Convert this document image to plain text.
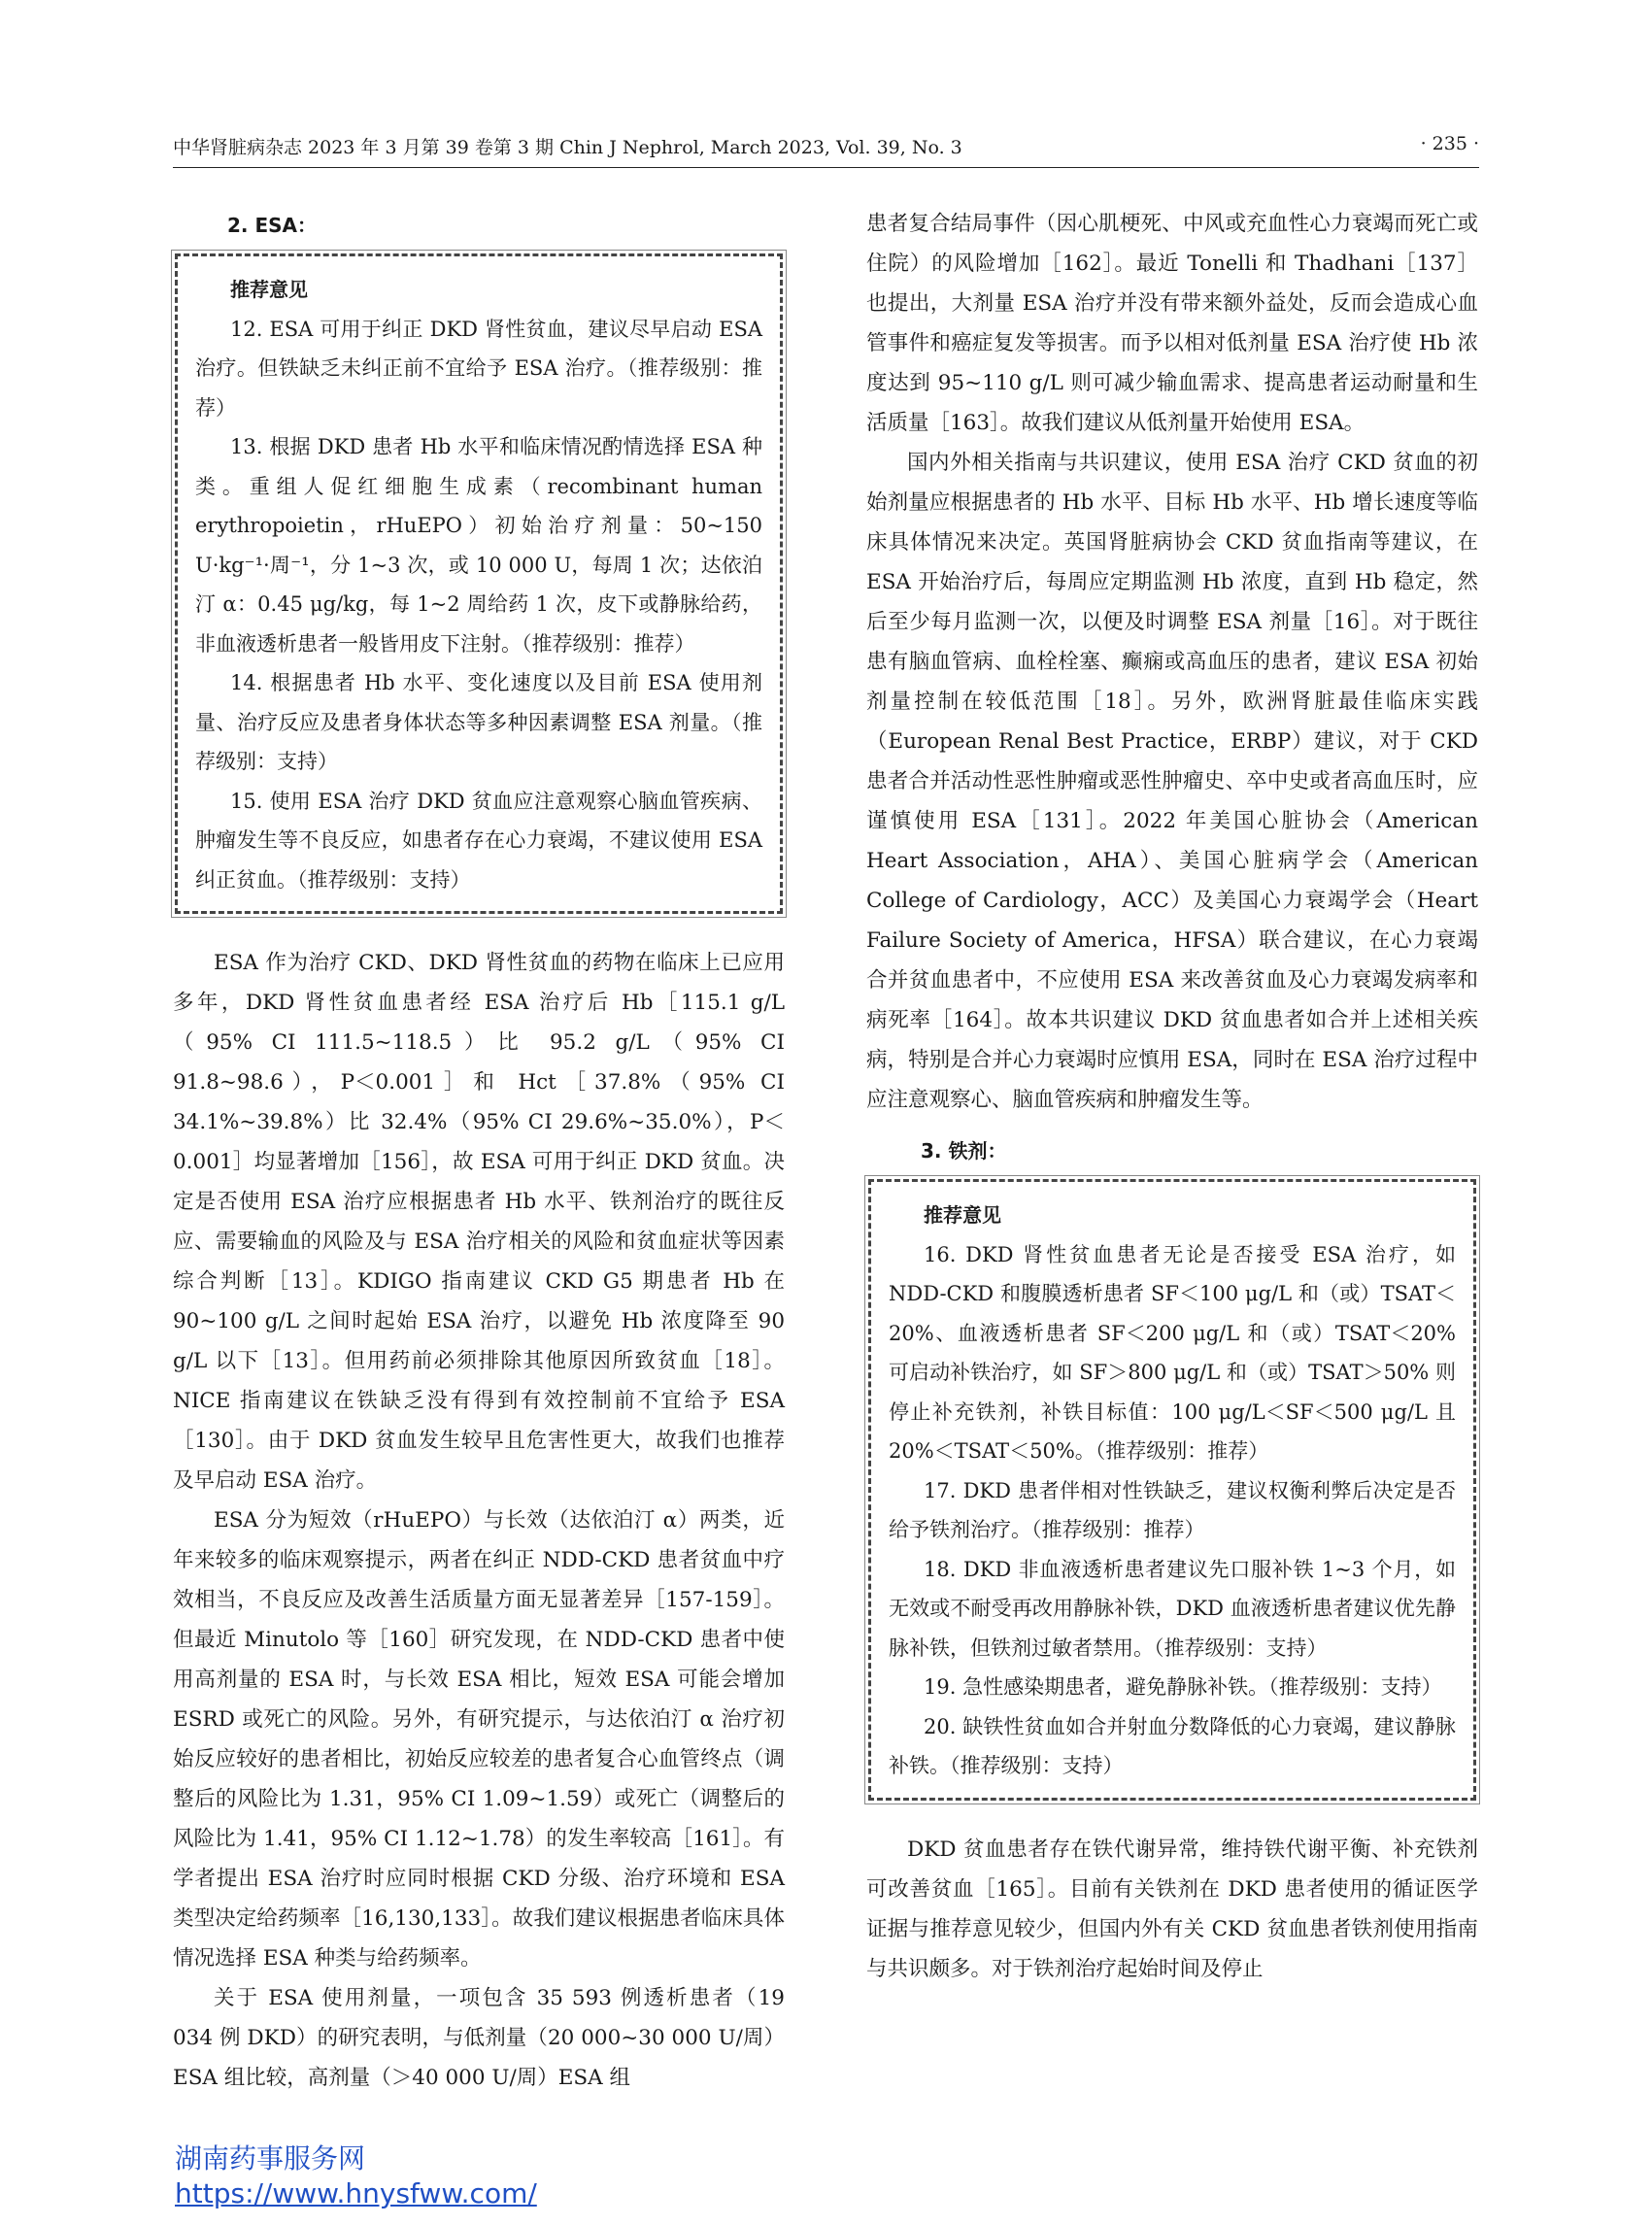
中华肾脏病杂志 2023 年 3 月第 39 卷第 3 期 Chin J Nephrol, March 2023, Vol. 39, No. 3	· 235 ·
2. ESA：
推荐意见
12. ESA 可用于纠正 DKD 肾性贫血，建议尽早启动 ESA 治疗。但铁缺乏未纠正前不宜给予 ESA 治疗。（推荐级别：推荐）
13. 根据 DKD 患者 Hb 水平和临床情况酌情选择 ESA 种类。重组人促红细胞生成素（recombinant human erythropoietin，rHuEPO）初始治疗剂量：50~150 U·kg⁻¹·周⁻¹，分 1~3 次，或 10 000 U，每周 1 次；达依泊汀 α：0.45 μg/kg，每 1~2 周给药 1 次，皮下或静脉给药，非血液透析患者一般皆用皮下注射。（推荐级别：推荐）
14. 根据患者 Hb 水平、变化速度以及目前 ESA 使用剂量、治疗反应及患者身体状态等多种因素调整 ESA 剂量。（推荐级别：支持）
15. 使用 ESA 治疗 DKD 贫血应注意观察心脑血管疾病、肿瘤发生等不良反应，如患者存在心力衰竭，不建议使用 ESA 纠正贫血。（推荐级别：支持）

ESA 作为治疗 CKD、DKD 肾性贫血的药物在临床上已应用多年，DKD 肾性贫血患者经 ESA 治疗后 Hb［115.1 g/L（95% CI 111.5~118.5）比 95.2 g/L（95% CI 91.8~98.6），P＜0.001］和 Hct［37.8%（95% CI 34.1%~39.8%）比 32.4%（95% CI 29.6%~35.0%），P＜0.001］均显著增加［156］，故 ESA 可用于纠正 DKD 贫血。决定是否使用 ESA 治疗应根据患者 Hb 水平、铁剂治疗的既往反应、需要输血的风险及与 ESA 治疗相关的风险和贫血症状等因素综合判断［13］。KDIGO 指南建议 CKD G5 期患者 Hb 在 90~100 g/L 之间时起始 ESA 治疗，以避免 Hb 浓度降至 90 g/L 以下［13］。但用药前必须排除其他原因所致贫血［18］。NICE 指南建议在铁缺乏没有得到有效控制前不宜给予 ESA［130］。由于 DKD 贫血发生较早且危害性更大，故我们也推荐及早启动 ESA 治疗。

ESA 分为短效（rHuEPO）与长效（达依泊汀 α）两类，近年来较多的临床观察提示，两者在纠正 NDD-CKD 患者贫血中疗效相当，不良反应及改善生活质量方面无显著差异［157-159］。但最近 Minutolo 等［160］研究发现，在 NDD-CKD 患者中使用高剂量的 ESA 时，与长效 ESA 相比，短效 ESA 可能会增加 ESRD 或死亡的风险。另外，有研究提示，与达依泊汀 α 治疗初始反应较好的患者相比，初始反应较差的患者复合心血管终点（调整后的风险比为 1.31，95% CI 1.09~1.59）或死亡（调整后的风险比为 1.41，95% CI 1.12~1.78）的发生率较高［161］。有学者提出 ESA 治疗时应同时根据 CKD 分级、治疗环境和 ESA 类型决定给药频率［16,130,133］。故我们建议根据患者临床具体情况选择 ESA 种类与给药频率。

关于 ESA 使用剂量，一项包含 35 593 例透析患者（19 034 例 DKD）的研究表明，与低剂量（20 000~30 000 U/周）ESA 组比较，高剂量（＞40 000 U/周）ESA 组

患者复合结局事件（因心肌梗死、中风或充血性心力衰竭而死亡或住院）的风险增加［162］。最近 Tonelli 和 Thadhani［137］也提出，大剂量 ESA 治疗并没有带来额外益处，反而会造成心血管事件和癌症复发等损害。而予以相对低剂量 ESA 治疗使 Hb 浓度达到 95~110 g/L 则可减少输血需求、提高患者运动耐量和生活质量［163］。故我们建议从低剂量开始使用 ESA。

国内外相关指南与共识建议，使用 ESA 治疗 CKD 贫血的初始剂量应根据患者的 Hb 水平、目标 Hb 水平、Hb 增长速度等临床具体情况来决定。英国肾脏病协会 CKD 贫血指南等建议，在 ESA 开始治疗后，每周应定期监测 Hb 浓度，直到 Hb 稳定，然后至少每月监测一次，以便及时调整 ESA 剂量［16］。对于既往患有脑血管病、血栓栓塞、癫痫或高血压的患者，建议 ESA 初始剂量控制在较低范围［18］。另外，欧洲肾脏最佳临床实践（European Renal Best Practice，ERBP）建议，对于 CKD 患者合并活动性恶性肿瘤或恶性肿瘤史、卒中史或者高血压时，应谨慎使用 ESA［131］。2022 年美国心脏协会（American Heart Association，AHA）、美国心脏病学会（American College of Cardiology，ACC）及美国心力衰竭学会（Heart Failure Society of America，HFSA）联合建议，在心力衰竭合并贫血患者中，不应使用 ESA 来改善贫血及心力衰竭发病率和病死率［164］。故本共识建议 DKD 贫血患者如合并上述相关疾病，特别是合并心力衰竭时应慎用 ESA，同时在 ESA 治疗过程中应注意观察心、脑血管疾病和肿瘤发生等。

3. 铁剂：
推荐意见
16. DKD 肾性贫血患者无论是否接受 ESA 治疗，如 NDD-CKD 和腹膜透析患者 SF＜100 μg/L 和（或）TSAT＜20%、血液透析患者 SF＜200 μg/L 和（或）TSAT＜20% 可启动补铁治疗，如 SF＞800 μg/L 和（或）TSAT＞50% 则停止补充铁剂，补铁目标值：100 μg/L＜SF＜500 μg/L 且 20%＜TSAT＜50%。（推荐级别：推荐）
17. DKD 患者伴相对性铁缺乏，建议权衡利弊后决定是否给予铁剂治疗。（推荐级别：推荐）
18. DKD 非血液透析患者建议先口服补铁 1~3 个月，如无效或不耐受再改用静脉补铁，DKD 血液透析患者建议优先静脉补铁，但铁剂过敏者禁用。（推荐级别：支持）
19. 急性感染期患者，避免静脉补铁。（推荐级别：支持）
20. 缺铁性贫血如合并射血分数降低的心力衰竭，建议静脉补铁。（推荐级别：支持）

DKD 贫血患者存在铁代谢异常，维持铁代谢平衡、补充铁剂可改善贫血［165］。目前有关铁剂在 DKD 患者使用的循证医学证据与推荐意见较少，但国内外有关 CKD 贫血患者铁剂使用指南与共识颇多。对于铁剂治疗起始时间及停止

湖南药事服务网
https://www.hnysfww.com/
